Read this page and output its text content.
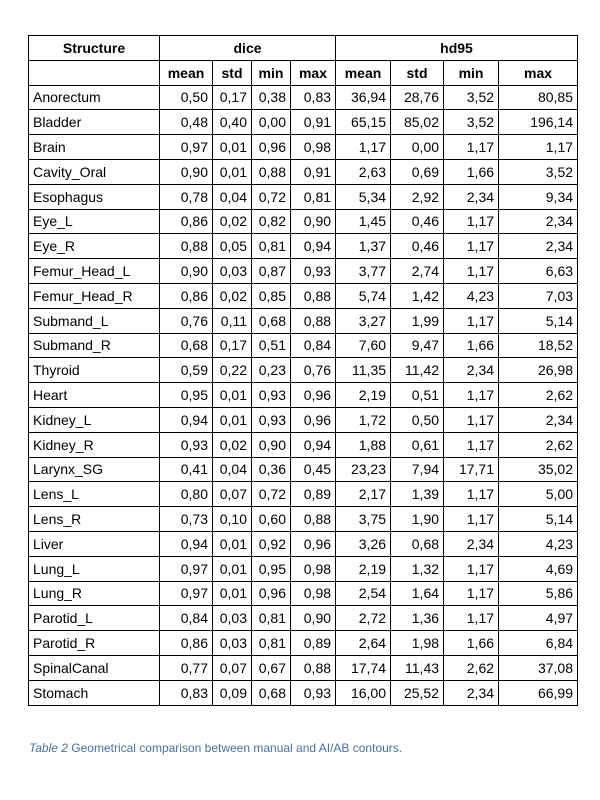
Structure	dice				hd95			
	mean	std	min	max	mean	std	min	max
Anorectum	0,50	0,17	0,38	0,83	36,94	28,76	3,52	80,85
Bladder	0,48	0,40	0,00	0,91	65,15	85,02	3,52	196,14
Brain	0,97	0,01	0,96	0,98	1,17	0,00	1,17	1,17
Cavity_Oral	0,90	0,01	0,88	0,91	2,63	0,69	1,66	3,52
Esophagus	0,78	0,04	0,72	0,81	5,34	2,92	2,34	9,34
Eye_L	0,86	0,02	0,82	0,90	1,45	0,46	1,17	2,34
Eye_R	0,88	0,05	0,81	0,94	1,37	0,46	1,17	2,34
Femur_Head_L	0,90	0,03	0,87	0,93	3,77	2,74	1,17	6,63
Femur_Head_R	0,86	0,02	0,85	0,88	5,74	1,42	4,23	7,03
Submand_L	0,76	0,11	0,68	0,88	3,27	1,99	1,17	5,14
Submand_R	0,68	0,17	0,51	0,84	7,60	9,47	1,66	18,52
Thyroid	0,59	0,22	0,23	0,76	11,35	11,42	2,34	26,98
Heart	0,95	0,01	0,93	0,96	2,19	0,51	1,17	2,62
Kidney_L	0,94	0,01	0,93	0,96	1,72	0,50	1,17	2,34
Kidney_R	0,93	0,02	0,90	0,94	1,88	0,61	1,17	2,62
Larynx_SG	0,41	0,04	0,36	0,45	23,23	7,94	17,71	35,02
Lens_L	0,80	0,07	0,72	0,89	2,17	1,39	1,17	5,00
Lens_R	0,73	0,10	0,60	0,88	3,75	1,90	1,17	5,14
Liver	0,94	0,01	0,92	0,96	3,26	0,68	2,34	4,23
Lung_L	0,97	0,01	0,95	0,98	2,19	1,32	1,17	4,69
Lung_R	0,97	0,01	0,96	0,98	2,54	1,64	1,17	5,86
Parotid_L	0,84	0,03	0,81	0,90	2,72	1,36	1,17	4,97
Parotid_R	0,86	0,03	0,81	0,89	2,64	1,98	1,66	6,84
SpinalCanal	0,77	0,07	0,67	0,88	17,74	11,43	2,62	37,08
Stomach	0,83	0,09	0,68	0,93	16,00	25,52	2,34	66,99
Table 2 Geometrical comparison between manual and AI/AB contours.
